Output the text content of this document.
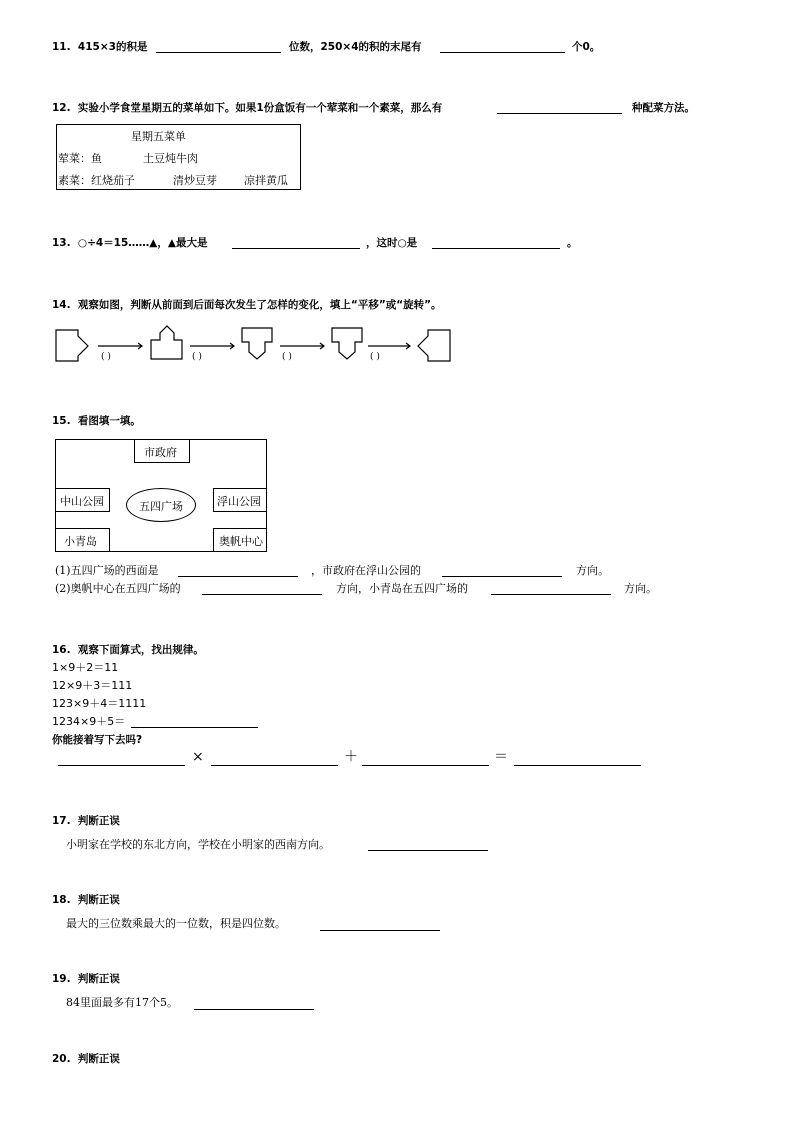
11. 415×3的积是	位数，250×4的积的末尾有	个0。
12. 实验小学食堂星期五的菜单如下。如果1份盒饭有一个荤菜和一个素菜，那么有	种配菜方法。
星期五菜单
荤菜：鱼	土豆炖牛肉
素菜：红烧茄子	清炒豆芽 凉拌黄瓜
13. ○÷4＝15……▲，▲最大是	，这时○是	。
14. 观察如图，判断从前面到后面每次发生了怎样的变化，填上“平移”或“旋转”。
( )	( )	( )	( )
15. 看图填一填。
市政府
中山公园	浮山公园
小青岛	奥帆中心
五四广场
(1)五四广场的西面是	，市政府在浮山公园的	方向。
(2)奥帆中心在五四广场的	方向，小青岛在五四广场的	方向。
16. 观察下面算式，找出规律。
1×9＋2＝11
12×9＋3＝111
123×9＋4＝1111
1234×9＋5＝
你能接着写下去吗?
×	＋	＝
17. 判断正误
小明家在学校的东北方向，学校在小明家的西南方向。
18. 判断正误
最大的三位数乘最大的一位数，积是四位数。
19. 判断正误
84里面最多有17个5。
20. 判断正误
